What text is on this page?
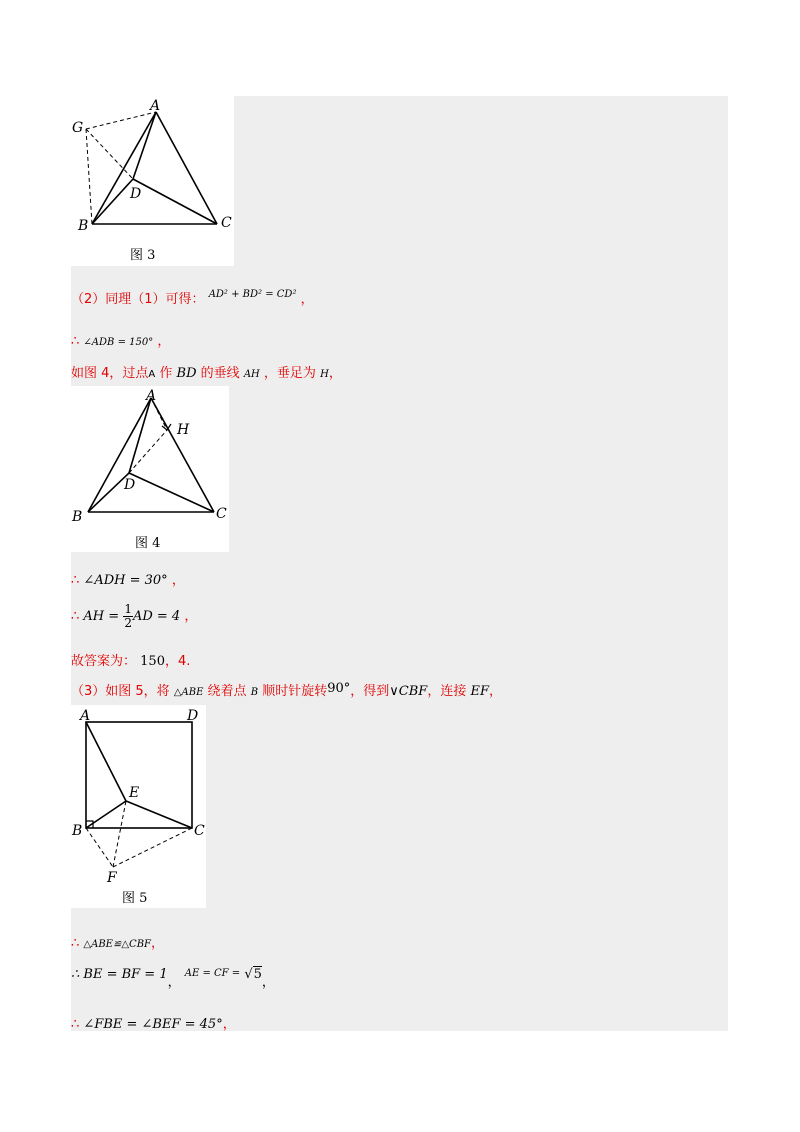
A
G
D
B	C
图 3
（2）同理（1）可得： $^{AD^2 + BD^2 = CD^2}$ ，
∴ ∠ADB = 150° ，
如图 4，过点A 作 BD 的垂线 AH ，垂足为 H，
A
H
D
B	C
图 4
∴ ∠ADH = 30° ，
∴ AH = $\frac{1}{2}$ AD = 4 ，
故答案为： 150，4.
（3）如图 5，将 △ABE 绕着点 B 顺时针旋转90°，得到∨CBF，连接 EF，
A	D
E
B	C
F
图 5
∴ △ABE≌△CBF，
∴ BE = BF = 1， AE = CF = √5，
∴ ∠FBE = ∠BEF = 45°，
